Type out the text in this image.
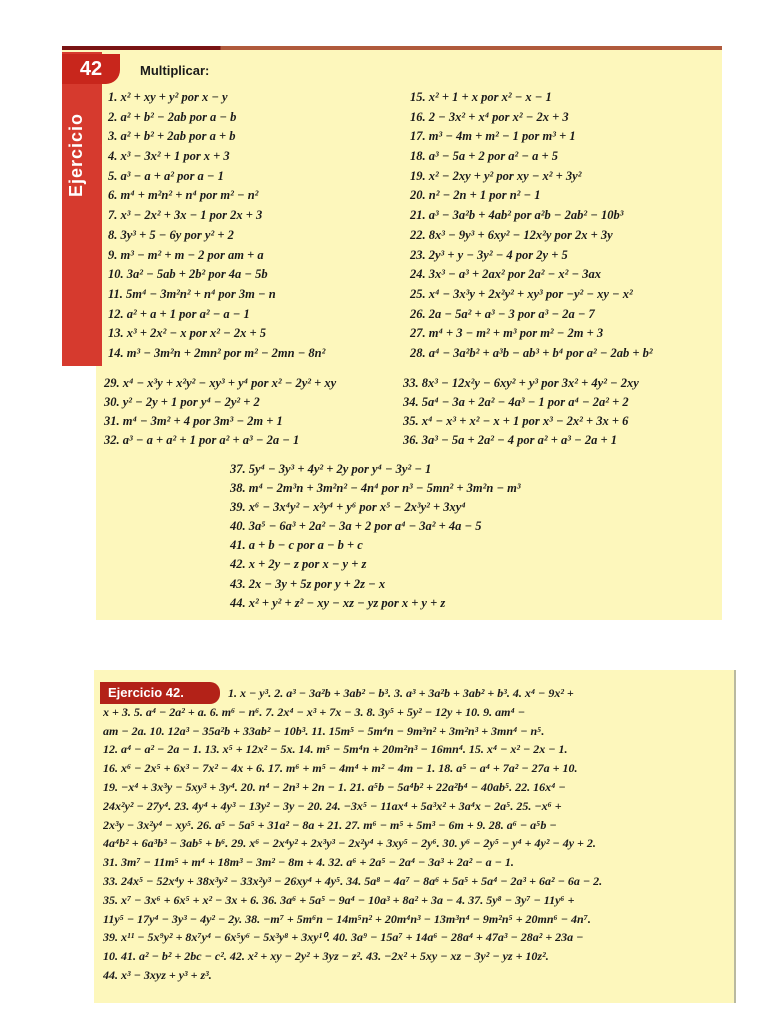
42
Ejercicio
Multiplicar:
1. x² + xy + y² por x − y
2. a² + b² − 2ab por a − b
3. a² + b² + 2ab por a + b
4. x³ − 3x² + 1 por x + 3
5. a³ − a + a² por a − 1
6. m⁴ + m²n² + n⁴ por m² − n²
7. x³ − 2x² + 3x − 1 por 2x + 3
8. 3y³ + 5 − 6y por y² + 2
9. m³ − m² + m − 2 por am + a
10. 3a² − 5ab + 2b² por 4a − 5b
11. 5m⁴ − 3m²n² + n⁴ por 3m − n
12. a² + a + 1 por a² − a − 1
13. x³ + 2x² − x por x² − 2x + 5
14. m³ − 3m²n + 2mn² por m² − 2mn − 8n²
15. x² + 1 + x por x² − x − 1
16. 2 − 3x² + x⁴ por x² − 2x + 3
17. m³ − 4m + m² − 1 por m³ + 1
18. a³ − 5a + 2 por a² − a + 5
19. x² − 2xy + y² por xy − x² + 3y²
20. n² − 2n + 1 por n² − 1
21. a³ − 3a²b + 4ab² por a²b − 2ab² − 10b³
22. 8x³ − 9y³ + 6xy² − 12x²y por 2x + 3y
23. 2y³ + y − 3y² − 4 por 2y + 5
24. 3x³ − a³ + 2ax² por 2a² − x² − 3ax
25. x⁴ − 3x³y + 2x²y² + xy³ por −y² − xy − x²
26. 2a − 5a² + a³ − 3 por a³ − 2a − 7
27. m⁴ + 3 − m² + m³ por m² − 2m + 3
28. a⁴ − 3a²b² + a³b − ab³ + b⁴ por a² − 2ab + b²
29. x⁴ − x³y + x²y² − xy³ + y⁴ por x² − 2y² + xy
30. y² − 2y + 1 por y⁴ − 2y² + 2
31. m⁴ − 3m² + 4 por 3m³ − 2m + 1
32. a³ − a + a² + 1 por a² + a³ − 2a − 1
33. 8x³ − 12x²y − 6xy² + y³ por 3x² + 4y² − 2xy
34. 5a⁴ − 3a + 2a² − 4a³ − 1 por a⁴ − 2a² + 2
35. x⁴ − x³ + x² − x + 1 por x³ − 2x² + 3x + 6
36. 3a³ − 5a + 2a² − 4 por a² + a³ − 2a + 1
37. 5y⁴ − 3y³ + 4y² + 2y por y⁴ − 3y² − 1
38. m⁴ − 2m³n + 3m²n² − 4n⁴ por n³ − 5mn² + 3m²n − m³
39. x⁶ − 3x⁴y² − x²y⁴ + y⁶ por x⁵ − 2x³y² + 3xy⁴
40. 3a⁵ − 6a³ + 2a² − 3a + 2 por a⁴ − 3a² + 4a − 5
41. a + b − c por a − b + c
42. x + 2y − z por x − y + z
43. 2x − 3y + 5z por y + 2z − x
44. x² + y² + z² − xy − xz − yz por x + y + z
Ejercicio 42.	1. x − y³. 2. a³ − 3a²b + 3ab² − b³. 3. a³ + 3a²b + 3ab² + b³. 4. x⁴ − 9x² +
x + 3. 5. a⁴ − 2a² + a. 6. m⁶ − n⁶. 7. 2x⁴ − x³ + 7x − 3. 8. 3y⁵ + 5y² − 12y + 10. 9. am⁴ −
am − 2a. 10. 12a³ − 35a²b + 33ab² − 10b³. 11. 15m⁵ − 5m⁴n − 9m³n² + 3m²n³ + 3mn⁴ − n⁵.
12. a⁴ − a² − 2a − 1. 13. x⁵ + 12x² − 5x. 14. m⁵ − 5m⁴n + 20m²n³ − 16mn⁴. 15. x⁴ − x² − 2x − 1.
16. x⁶ − 2x⁵ + 6x³ − 7x² − 4x + 6. 17. m⁶ + m⁵ − 4m⁴ + m² − 4m − 1. 18. a⁵ − a⁴ + 7a² − 27a + 10.
19. −x⁴ + 3x³y − 5xy³ + 3y⁴. 20. n⁴ − 2n³ + 2n − 1. 21. a⁵b − 5a⁴b² + 22a²b⁴ − 40ab⁵. 22. 16x⁴ −
24x²y² − 27y⁴. 23. 4y⁴ + 4y³ − 13y² − 3y − 20. 24. −3x⁵ − 11ax⁴ + 5a³x² + 3a⁴x − 2a⁵. 25. −x⁶ +
2x³y − 3x²y⁴ − xy⁵. 26. a⁵ − 5a⁵ + 31a² − 8a + 21. 27. m⁶ − m⁵ + 5m³ − 6m + 9. 28. a⁶ − a⁵b −
4a⁴b² + 6a³b³ − 3ab⁵ + b⁶. 29. x⁶ − 2x⁴y² + 2x³y³ − 2x²y⁴ + 3xy⁵ − 2y⁶. 30. y⁶ − 2y⁵ − y⁴ + 4y² − 4y + 2.
31. 3m⁷ − 11m⁵ + m⁴ + 18m³ − 3m² − 8m + 4. 32. a⁶ + 2a⁵ − 2a⁴ − 3a³ + 2a² − a − 1.
33. 24x⁵ − 52x⁴y + 38x³y² − 33x²y³ − 26xy⁴ + 4y⁵. 34. 5a⁸ − 4a⁷ − 8a⁶ + 5a⁵ + 5a⁴ − 2a³ + 6a² − 6a − 2.
35. x⁷ − 3x⁶ + 6x⁵ + x² − 3x + 6. 36. 3a⁶ + 5a⁵ − 9a⁴ − 10a³ + 8a² + 3a − 4. 37. 5y⁸ − 3y⁷ − 11y⁶ +
11y⁵ − 17y⁴ − 3y³ − 4y² − 2y. 38. −m⁷ + 5m⁶n − 14m⁵n² + 20m⁴n³ − 13m³n⁴ − 9m²n⁵ + 20mn⁶ − 4n⁷.
39. x¹¹ − 5x⁹y² + 8x⁷y⁴ − 6x⁵y⁶ − 5x³y⁸ + 3xy¹⁰. 40. 3a⁹ − 15a⁷ + 14a⁶ − 28a⁴ + 47a³ − 28a² + 23a −
10. 41. a² − b² + 2bc − c². 42. x² + xy − 2y² + 3yz − z². 43. −2x² + 5xy − xz − 3y² − yz + 10z².
44. x³ − 3xyz + y³ + z³.
